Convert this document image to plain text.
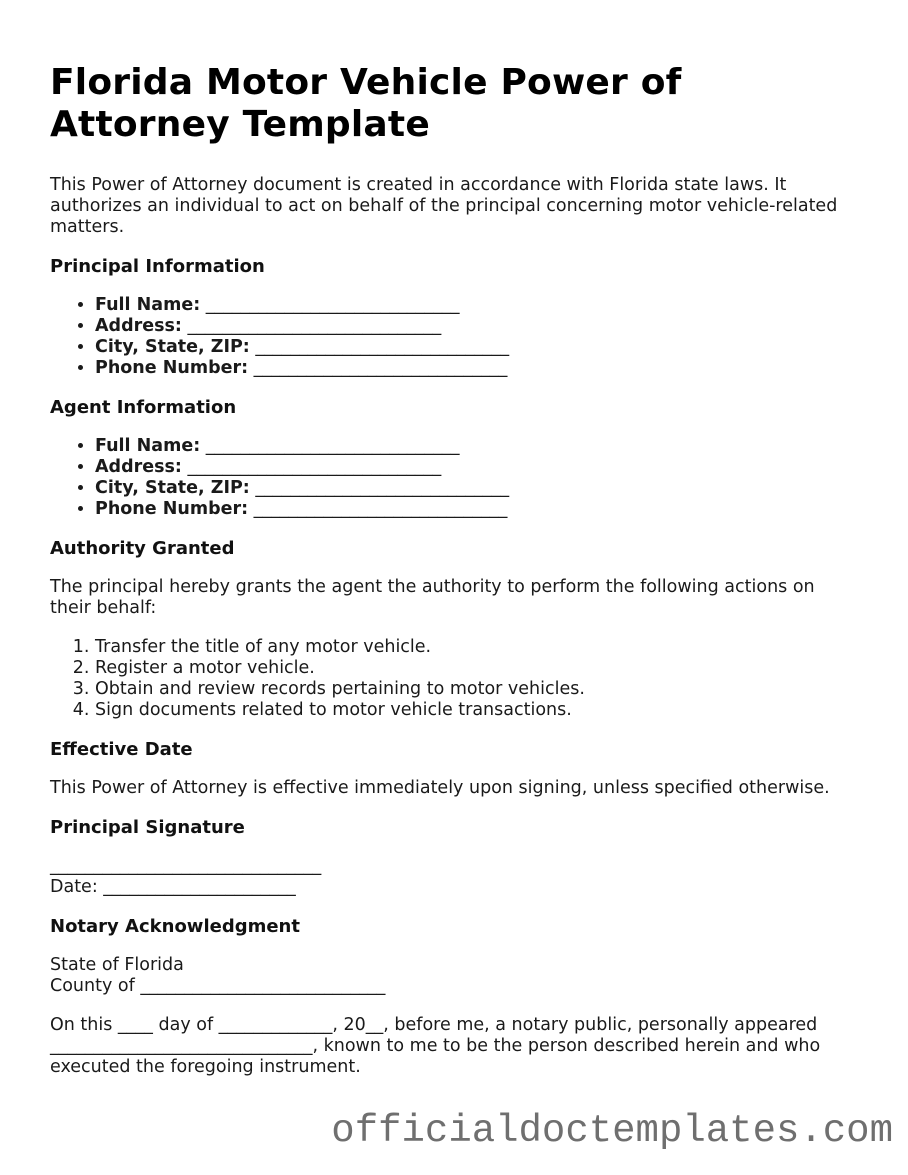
Florida Motor Vehicle Power of Attorney Template

This Power of Attorney document is created in accordance with Florida state laws. It authorizes an individual to act on behalf of the principal concerning motor vehicle-related matters.

Principal Information
• Full Name: _____________________________
• Address: _____________________________
• City, State, ZIP: _____________________________
• Phone Number: _____________________________
Agent Information
• Full Name: _____________________________
• Address: _____________________________
• City, State, ZIP: _____________________________
• Phone Number: _____________________________
Authority Granted

The principal hereby grants the agent the authority to perform the following actions on their behalf:

1. Transfer the title of any motor vehicle.
2. Register a motor vehicle.
3. Obtain and review records pertaining to motor vehicles.
4. Sign documents related to motor vehicle transactions.
Effective Date

This Power of Attorney is effective immediately upon signing, unless specified otherwise.

Principal Signature

_______________________________
Date: ______________________

Notary Acknowledgment

State of Florida
County of ____________________________

On this ____ day of _____________, 20__, before me, a notary public, personally appeared ______________________________, known to me to be the person described herein and who executed the foregoing instrument.

officialdoctemplates.com
